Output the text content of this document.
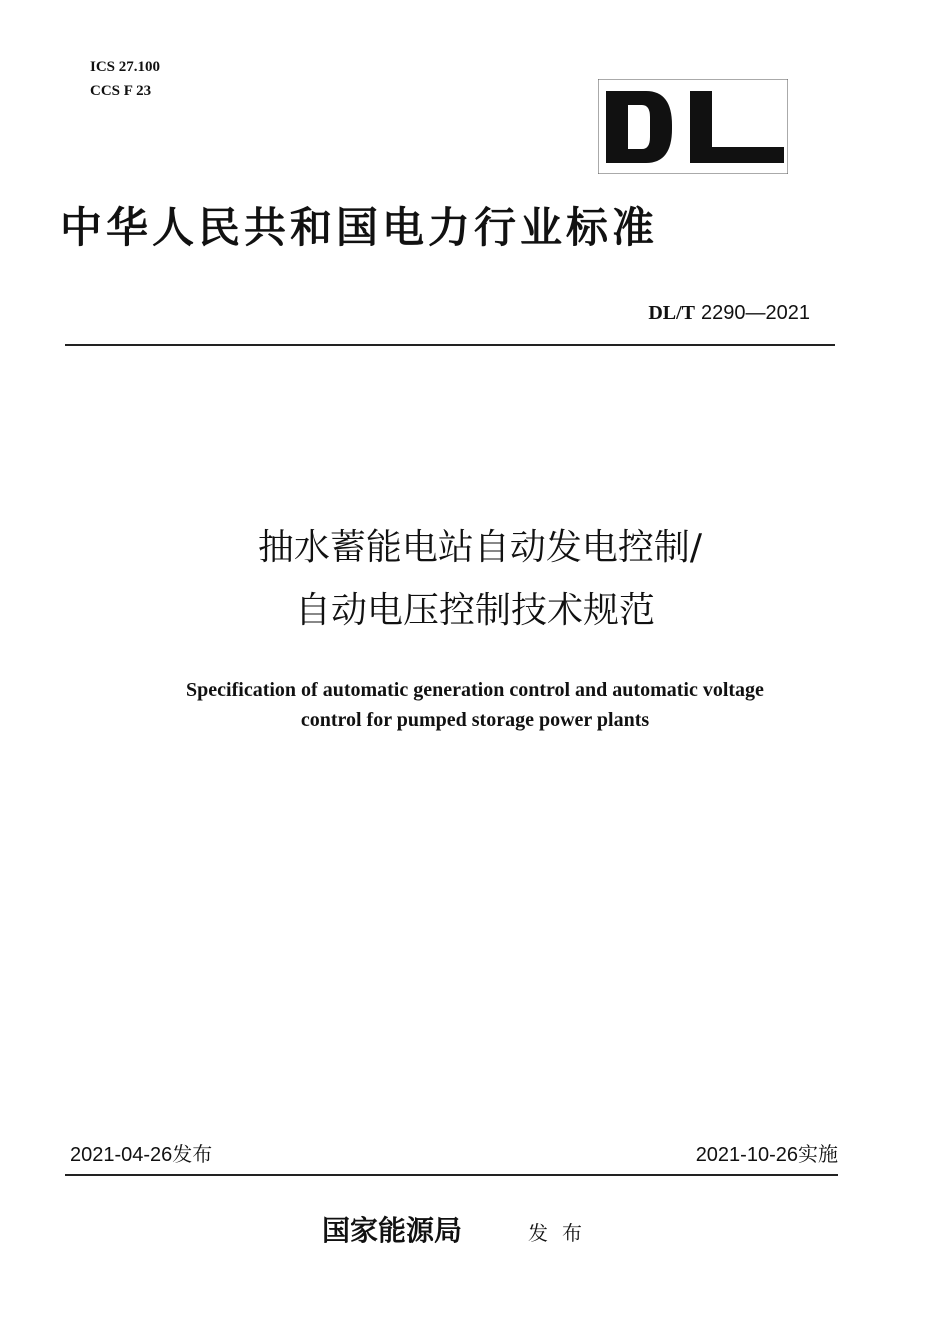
ICS 27.100
CCS F 23
中华人民共和国电力行业标准
DL/T 2290—2021
抽水蓄能电站自动发电控制/
自动电压控制技术规范
Specification of automatic generation control and automatic voltage
control for pumped storage power plants
2021-04-26发布	2021-10-26实施
国家能源局	发布
